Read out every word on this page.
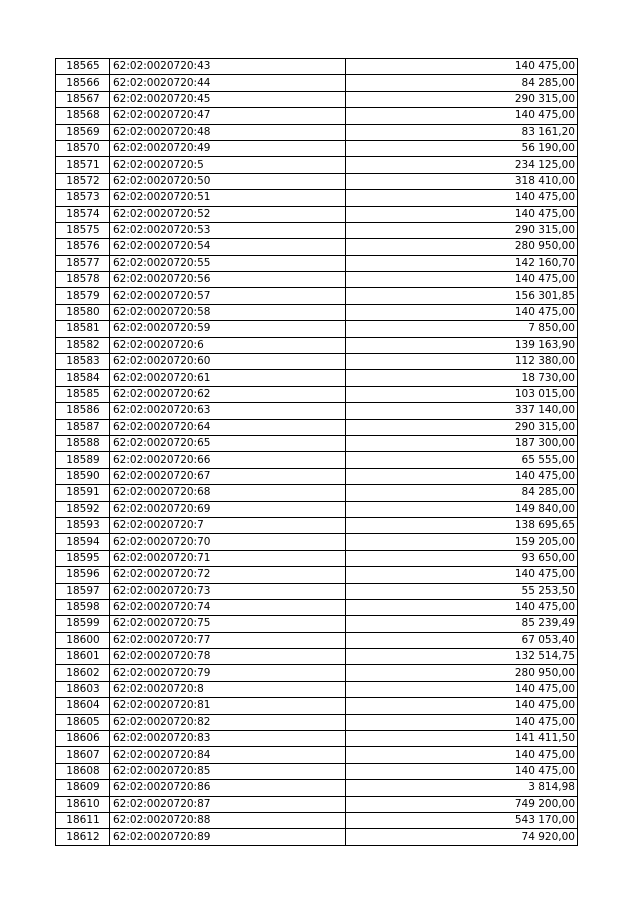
18565	62:02:0020720:43	140 475,00
18566	62:02:0020720:44	84 285,00
18567	62:02:0020720:45	290 315,00
18568	62:02:0020720:47	140 475,00
18569	62:02:0020720:48	83 161,20
18570	62:02:0020720:49	56 190,00
18571	62:02:0020720:5	234 125,00
18572	62:02:0020720:50	318 410,00
18573	62:02:0020720:51	140 475,00
18574	62:02:0020720:52	140 475,00
18575	62:02:0020720:53	290 315,00
18576	62:02:0020720:54	280 950,00
18577	62:02:0020720:55	142 160,70
18578	62:02:0020720:56	140 475,00
18579	62:02:0020720:57	156 301,85
18580	62:02:0020720:58	140 475,00
18581	62:02:0020720:59	7 850,00
18582	62:02:0020720:6	139 163,90
18583	62:02:0020720:60	112 380,00
18584	62:02:0020720:61	18 730,00
18585	62:02:0020720:62	103 015,00
18586	62:02:0020720:63	337 140,00
18587	62:02:0020720:64	290 315,00
18588	62:02:0020720:65	187 300,00
18589	62:02:0020720:66	65 555,00
18590	62:02:0020720:67	140 475,00
18591	62:02:0020720:68	84 285,00
18592	62:02:0020720:69	149 840,00
18593	62:02:0020720:7	138 695,65
18594	62:02:0020720:70	159 205,00
18595	62:02:0020720:71	93 650,00
18596	62:02:0020720:72	140 475,00
18597	62:02:0020720:73	55 253,50
18598	62:02:0020720:74	140 475,00
18599	62:02:0020720:75	85 239,49
18600	62:02:0020720:77	67 053,40
18601	62:02:0020720:78	132 514,75
18602	62:02:0020720:79	280 950,00
18603	62:02:0020720:8	140 475,00
18604	62:02:0020720:81	140 475,00
18605	62:02:0020720:82	140 475,00
18606	62:02:0020720:83	141 411,50
18607	62:02:0020720:84	140 475,00
18608	62:02:0020720:85	140 475,00
18609	62:02:0020720:86	3 814,98
18610	62:02:0020720:87	749 200,00
18611	62:02:0020720:88	543 170,00
18612	62:02:0020720:89	74 920,00
